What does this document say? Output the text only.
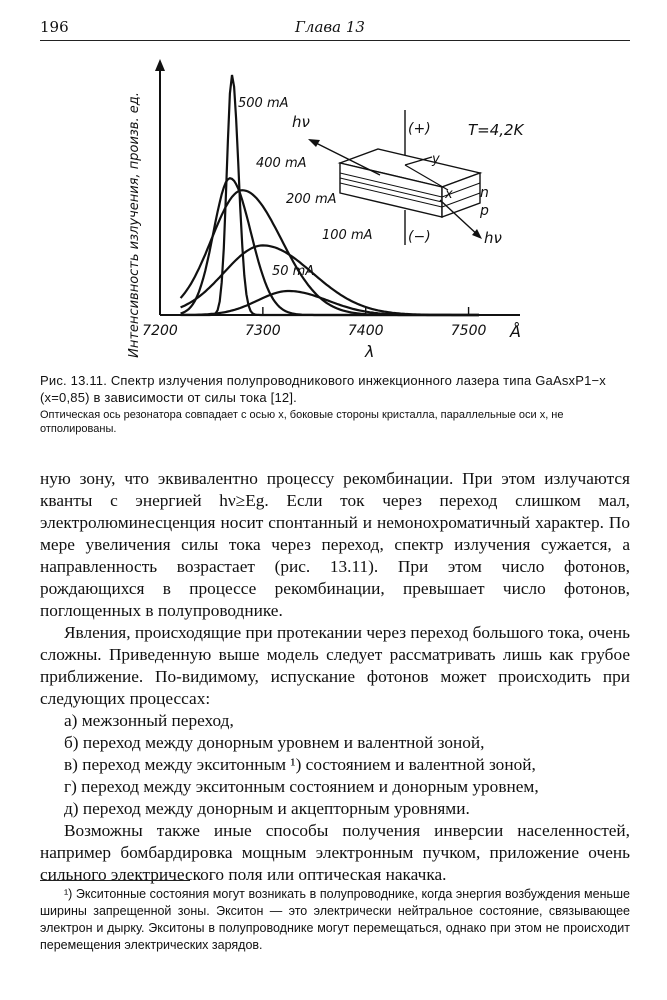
196	Глава 13
Интенсивность излучения, произв. ед. 7200	7300	7400	7500 Å
λ
500 mA
400 mA
200 mA
100 mA
50 mA
T=4,2K
(+)
(−)
x
y
n
p
hν
hν
Рис. 13.11. Спектр излучения полупроводникового инжекционного лазера типа GaAsxP1−x (x=0,85) в зависимости от силы тока [12].
Оптическая ось резонатора совпадает с осью x, боковые стороны кристалла, параллельные оси x, не отполированы.

ную зону, что эквивалентно процессу рекомбинации. При этом излучаются кванты с энергией hν≥Eg. Если ток через переход слишком мал, электролюминесценция носит спонтанный и немонохроматичный характер. По мере увеличения силы тока через переход, спектр излучения сужается, а направленность возрастает (рис. 13.11). При этом число фотонов, рождающихся в процессе рекомбинации, превышает число фотонов, поглощенных в полупроводнике.

Явления, происходящие при протекании через переход большого тока, очень сложны. Приведенную выше модель следует рассматривать лишь как грубое приближение. По-видимому, испускание фотонов может происходить при следующих процессах:

а) межзонный переход,
б) переход между донорным уровнем и валентной зоной,
в) переход между экситонным ¹) состоянием и валентной зоной,
г) переход между экситонным состоянием и донорным уровнем,
д) переход между донорным и акцепторным уровнями.

Возможны также иные способы получения инверсии населенностей, например бомбардировка мощным электронным пучком, приложение очень сильного электрического поля или оптическая накачка.

¹) Экситонные состояния могут возникать в полупроводнике, когда энергия возбуждения меньше ширины запрещенной зоны. Экситон — это электрически нейтральное состояние, связывающее электрон и дырку. Экситоны в полупроводнике могут перемещаться, однако при этом не происходит перемещения электрических зарядов.
